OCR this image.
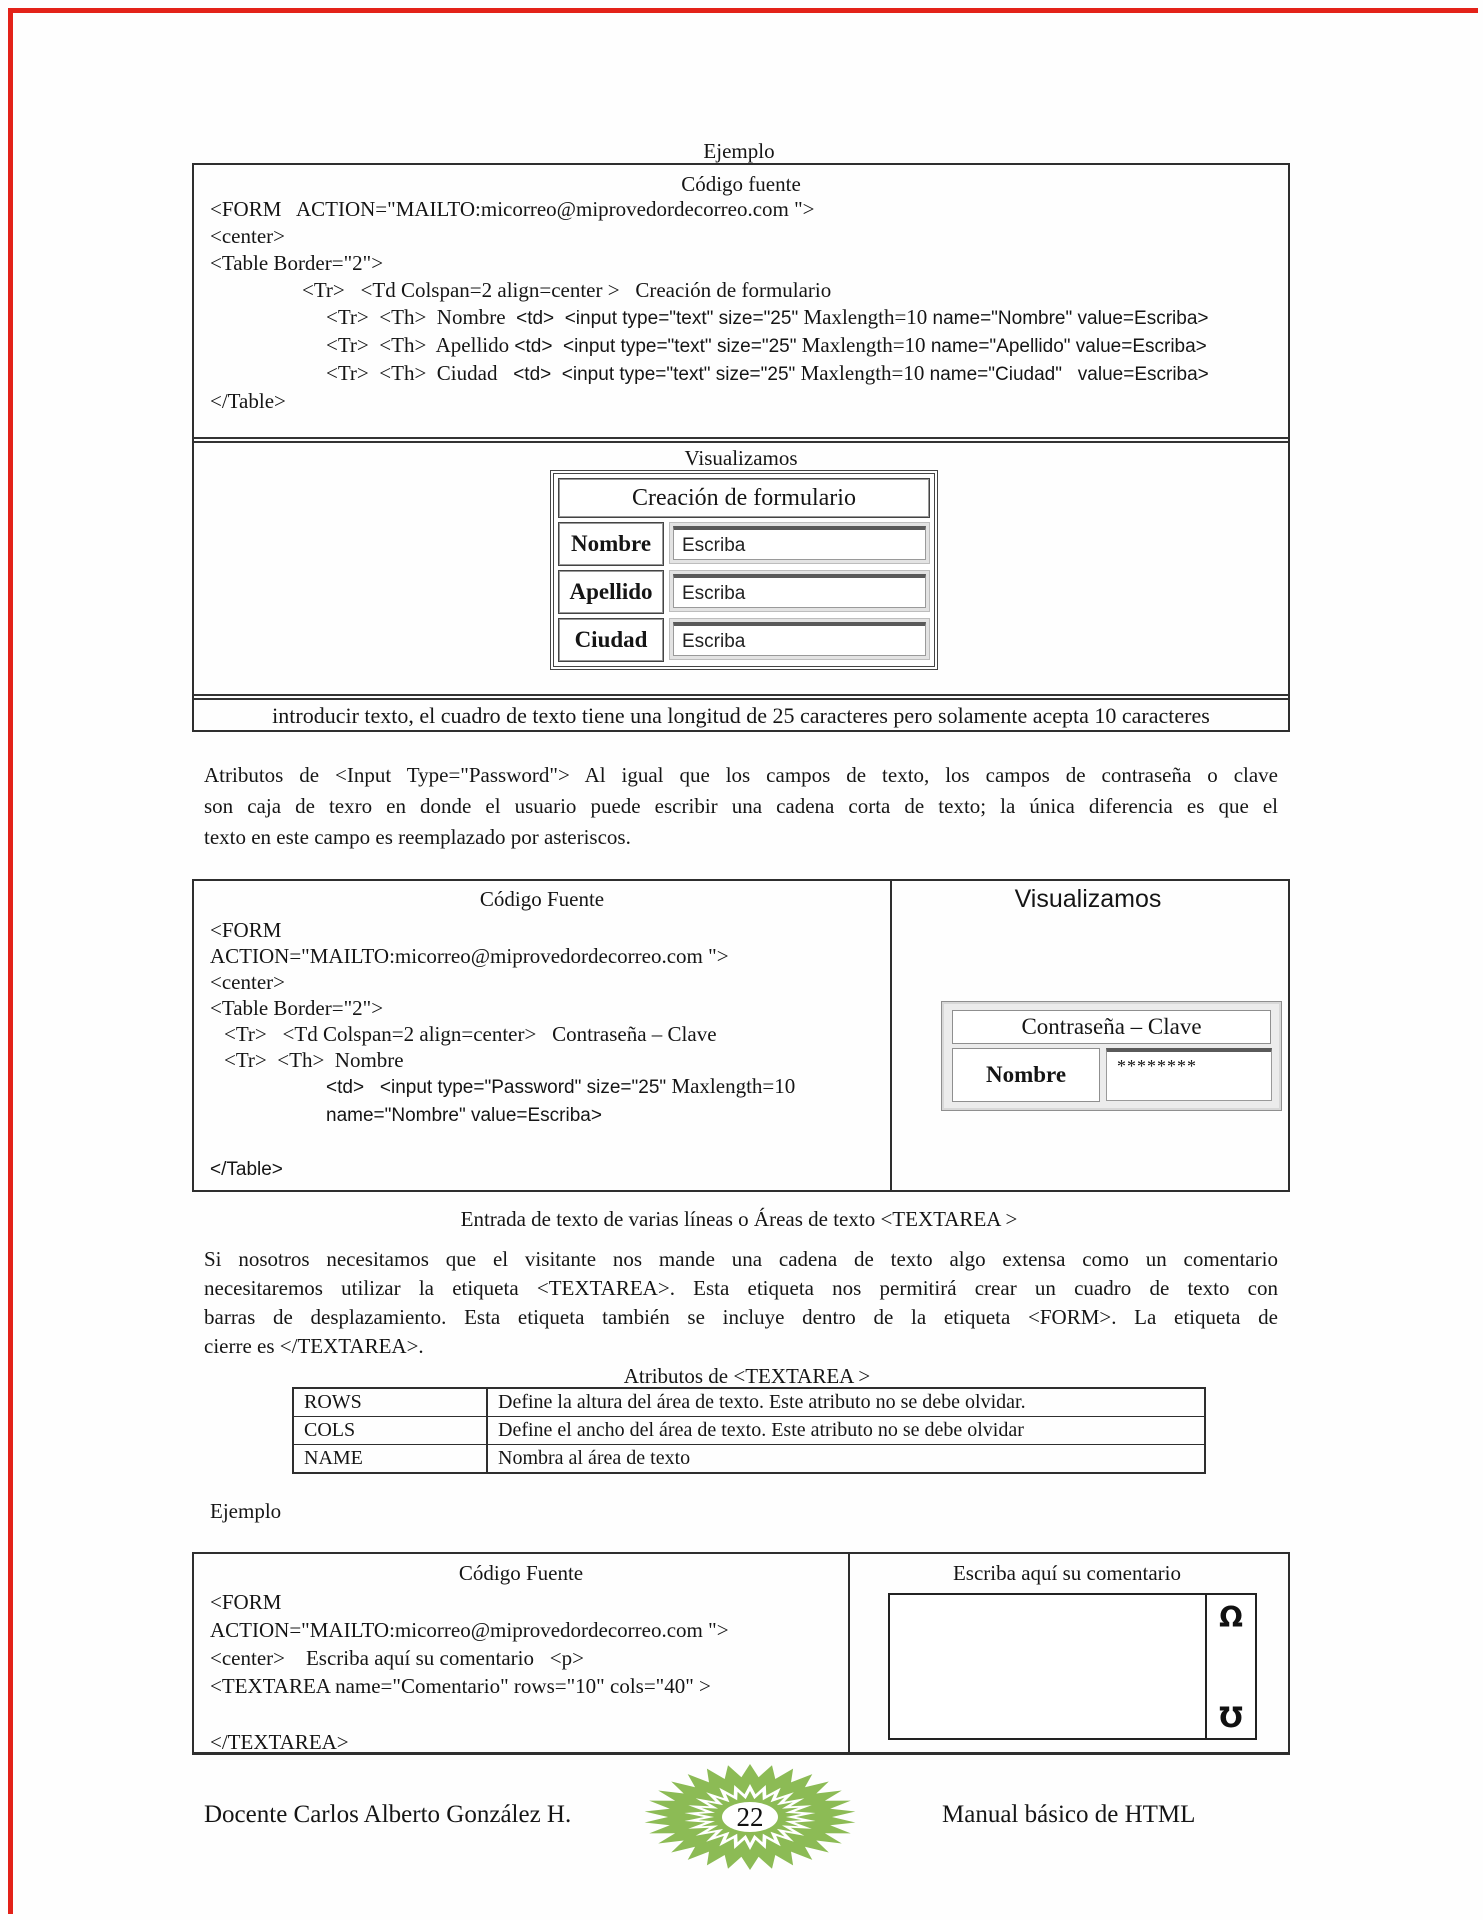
Ejemplo
Código fuente
<FORM   ACTION="MAILTO:micorreo@miprovedordecorreo.com ">
<center>
<Table Border="2">
<Tr>   <Td Colspan=2 align=center >   Creación de formulario
<Tr>  <Th>  Nombre  <td>  <input type="text" size="25" Maxlength=10 name="Nombre" value=Escriba>
<Tr>  <Th>  Apellido <td>  <input type="text" size="25" Maxlength=10 name="Apellido" value=Escriba>
<Tr>  <Th>  Ciudad   <td>  <input type="text" size="25" Maxlength=10 name="Ciudad"   value=Escriba>
</Table>
Visualizamos
Creación de formulario
Nombre	Escriba
Apellido	Escriba
Ciudad	Escriba
introducir texto, el cuadro de texto tiene una longitud de 25 caracteres pero solamente acepta 10 caracteres
Atributos de <Input Type="Password"> Al igual que los campos de texto, los campos de contraseña o clave
son caja de texro en donde el usuario puede escribir una cadena corta de texto; la única diferencia es que el
texto en este campo es reemplazado por asteriscos.
Código Fuente	Visualizamos
<FORM
ACTION="MAILTO:micorreo@miprovedordecorreo.com ">
<center>
<Table Border="2">
<Tr>   <Td Colspan=2 align=center>   Contraseña – Clave
<Tr>  <Th>  Nombre
<td>   <input type="Password" size="25" Maxlength=10
name="Nombre" value=Escriba>

</Table>
Contraseña – Clave
Nombre	********
Entrada de texto de varias líneas o Áreas de texto <TEXTAREA >
Si nosotros necesitamos que el visitante nos mande una cadena de texto algo extensa como un comentario
necesitaremos utilizar la etiqueta <TEXTAREA>. Esta etiqueta nos permitirá crear un cuadro de texto con
barras de desplazamiento. Esta etiqueta también se incluye dentro de la etiqueta <FORM>. La etiqueta de
cierre es </TEXTAREA>.
Atributos de <TEXTAREA >
ROWS	Define la altura del área de texto. Este atributo no se debe olvidar.
COLS	Define el ancho del área de texto. Este atributo no se debe olvidar
NAME	Nombra al área de texto
Ejemplo
Código Fuente	Escriba aquí su comentario
<FORM
ACTION="MAILTO:micorreo@miprovedordecorreo.com ">
<center>    Escriba aquí su comentario   <p>
<TEXTAREA name="Comentario" rows="10" cols="40" >

</TEXTAREA>
Ω
Ω
Docente Carlos Alberto González H.	22	Manual básico de HTML
